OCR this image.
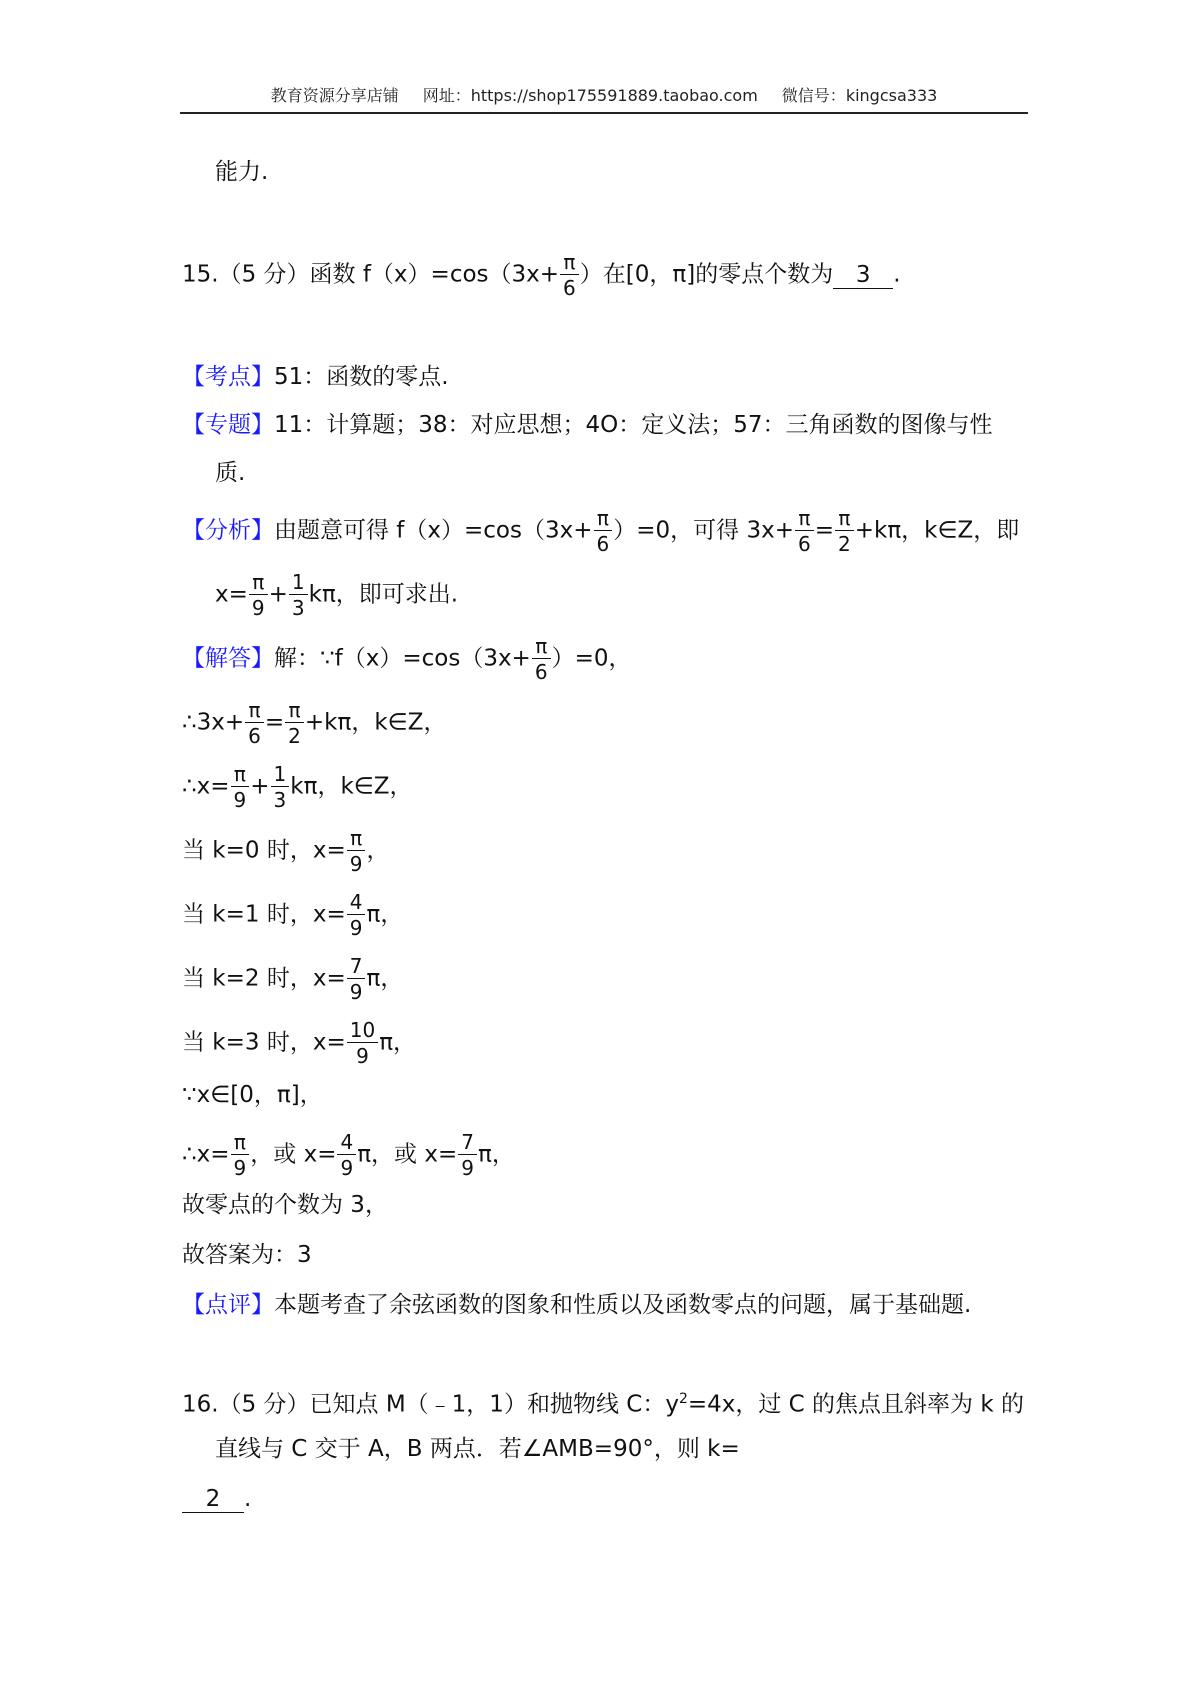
教育资源分享店铺 网址：https://shop175591889.taobao.com 微信号：kingcsa333
能力.
15.（5 分）函数 $f(x)=\cos(3x+ \frac{\pi}{6}$ ）在[0，π]的零点个数为 3 .
【考点】51：函数的零点.
【专题】11：计算题；38：对应思想；4O：定义法；57：三角函数的图像与性
质.
【分析】由题意可得 $f(x)=\cos(3x+ \frac{\pi}{6} )=0$，可得 $3x+ \frac{\pi}{6} = \frac{\pi}{2} +k\pi$，k∈Z，即
$x= \frac{\pi}{9} + \frac{1}{3}$ kπ，即可求出.
【解答】解：∵f（x）=cos（3x+ $\frac{\pi}{6} )=0$，
∴3x+ $\frac{\pi}{6} = \frac{\pi}{2} +k\pi$，k∈Z，
∴x= $\frac{\pi}{9} + \frac{1}{3}$ kπ，k∈Z，
当 k=0 时，$x= \frac{\pi}{9}$ ，
当 k=1 时，$x= \frac{4}{9}$ π，
当 k=2 时，$x= \frac{7}{9}$ π，
当 k=3 时，$x= \frac{10}{9}$ π，
∵x∈[0，π]，
∴x= $\frac{\pi}{9}$ ，或 $x= \frac{4}{9}$ π，或 $x= \frac{7}{9}$ π，
故零点的个数为 3，
故答案为：3
【点评】本题考查了余弦函数的图象和性质以及函数零点的问题，属于基础题.
16.（5 分）已知点 M（﹣1，1）和抛物线 C：$y^2=4x$，过 C 的焦点且斜率为 k 的
直线与 C 交于 A，B 两点．若∠AMB=90°，则 k=
2 .
